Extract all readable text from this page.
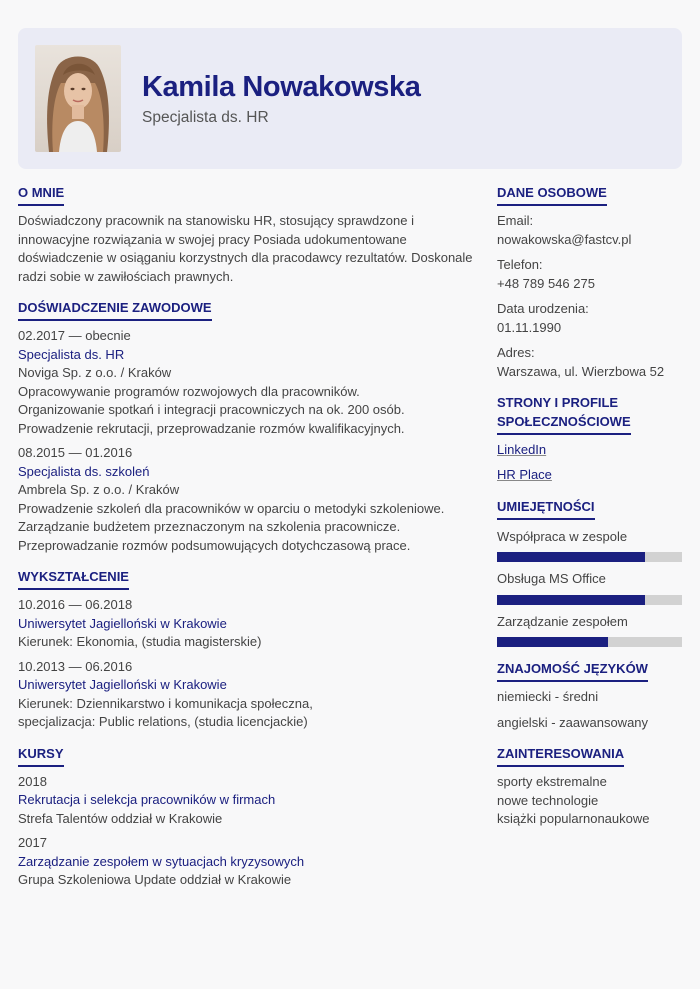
Kamila Nowakowska
Specjalista ds. HR
O MNIE
Doświadczony pracownik na stanowisku HR, stosujący sprawdzone i innowacyjne rozwiązania w swojej pracy Posiada udokumentowane doświadczenie w osiąganiu korzystnych dla pracodawcy rezultatów. Doskonale radzi sobie w zawiłościach prawnych.
DOŚWIADCZENIE ZAWODOWE
02.2017 — obecnie
Specjalista ds. HR
Noviga Sp. z o.o. / Kraków
Opracowywanie programów rozwojowych dla pracowników.
Organizowanie spotkań i integracji pracowniczych na ok. 200 osób.
Prowadzenie rekrutacji, przeprowadzanie rozmów kwalifikacyjnych.
08.2015 — 01.2016
Specjalista ds. szkoleń
Ambrela Sp. z o.o. / Kraków
Prowadzenie szkoleń dla pracowników w oparciu o metodyki szkoleniowe.
Zarządzanie budżetem przeznaczonym na szkolenia pracownicze.
Przeprowadzanie rozmów podsumowujących dotychczasową prace.
WYKSZTAŁCENIE
10.2016 — 06.2018
Uniwersytet Jagielloński w Krakowie
Kierunek: Ekonomia, (studia magisterskie)
10.2013 — 06.2016
Uniwersytet Jagielloński w Krakowie
Kierunek: Dziennikarstwo i komunikacja społeczna,
specjalizacja: Public relations, (studia licencjackie)
KURSY
2018
Rekrutacja i selekcja pracowników w firmach
Strefa Talentów oddział w Krakowie
2017
Zarządzanie zespołem w sytuacjach kryzysowych
Grupa Szkoleniowa Update oddział w Krakowie
DANE OSOBOWE
Email:
nowakowska@fastcv.pl
Telefon:
+48 789 546 275
Data urodzenia:
01.11.1990
Adres:
Warszawa, ul. Wierzbowa 52
STRONY I PROFILE
SPOŁECZNOŚCIOWE
LinkedIn
HR Place
UMIEJĘTNOŚCI
Współpraca w zespole
Obsługa MS Office
Zarządzanie zespołem
ZNAJOMOŚĆ JĘZYKÓW
niemiecki - średni
angielski - zaawansowany
ZAINTERESOWANIA
sporty ekstremalne
nowe technologie
książki popularnonaukowe
